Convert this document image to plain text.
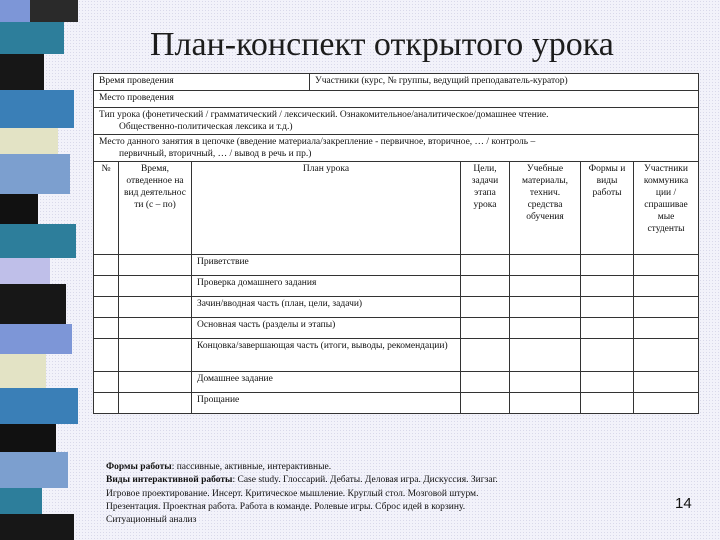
План-конспект открытого урока
Время проведения	Участники (курс, № группы, ведущий преподаватель-куратор)
Место проведения

Тип урока (фонетический / грамматический / лексический. Ознакомительное/аналитическое/домашнее чтение.
Общественно-политическая лексика и т.д.)

Место данного занятия в цепочке (введение материала/закрепление - первичное, вторичное, … / контроль –
первичный, вторичный, … / вывод в речь и пр.)
№	Время, отведенное на вид деятельнос ти (с – по)	План урока	Цели, задачи этапа урока	Учебные материалы, технич. средства обучения	Формы и виды работы	Участники коммуника ции / спрашивае мые студенты
		Приветствие				
		Проверка домашнего задания				
		Зачин/вводная часть (план, цели, задачи)				
		Основная часть (разделы и этапы)				
		Концовка/завершающая часть (итоги, выводы, рекомендации)				
		Домашнее задание				
		Прощание				
Формы работы: пассивные, активные, интерактивные.
Виды интерактивной работы: Case study. Глоссарий. Дебаты. Деловая игра. Дискуссия. Зигзаг.
Игровое проектирование. Инсерт. Критическое мышление. Круглый стол. Мозговой штурм.
Презентация. Проектная работа. Работа в команде. Ролевые игры. Сброс идей в корзину.
Ситуационный анализ
14
